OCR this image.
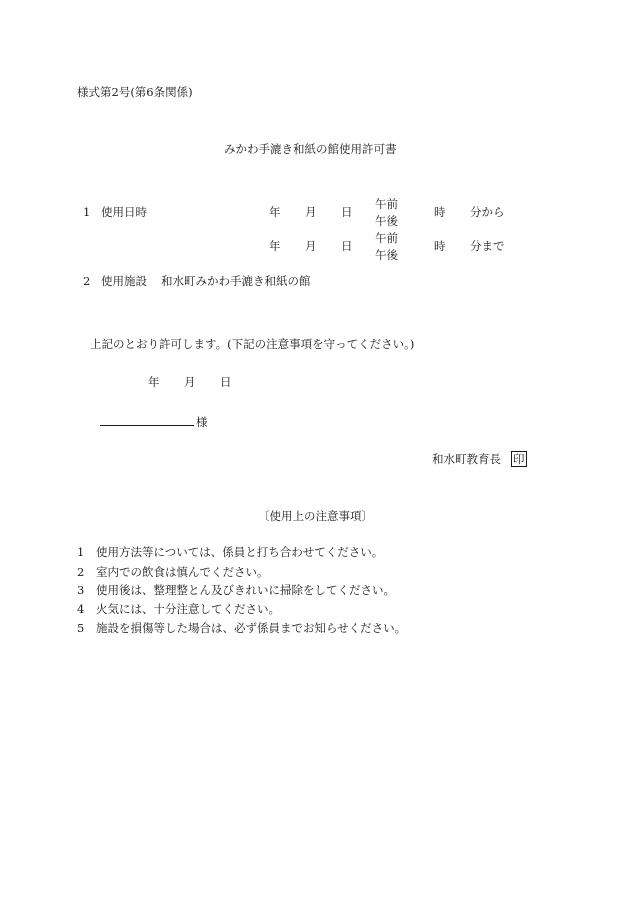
様式第2号(第6条関係)
みかわ手漉き和紙の館使用許可書
1 使用日時	年 月 日
午前
午後
時 分から
年 月 日
午前
午後
時 分まで
2 使用施設 和水町みかわ手漉き和紙の館
上記のとおり許可します。(下記の注意事項を守ってください。)
年 月 日
様
和水町教育長 印
〔使用上の注意事項〕
1 使用方法等については、係員と打ち合わせてください。
2 室内での飲食は慎んでください。
3 使用後は、整理整とん及びきれいに掃除をしてください。
4 火気には、十分注意してください。
5 施設を損傷等した場合は、必ず係員までお知らせください。
